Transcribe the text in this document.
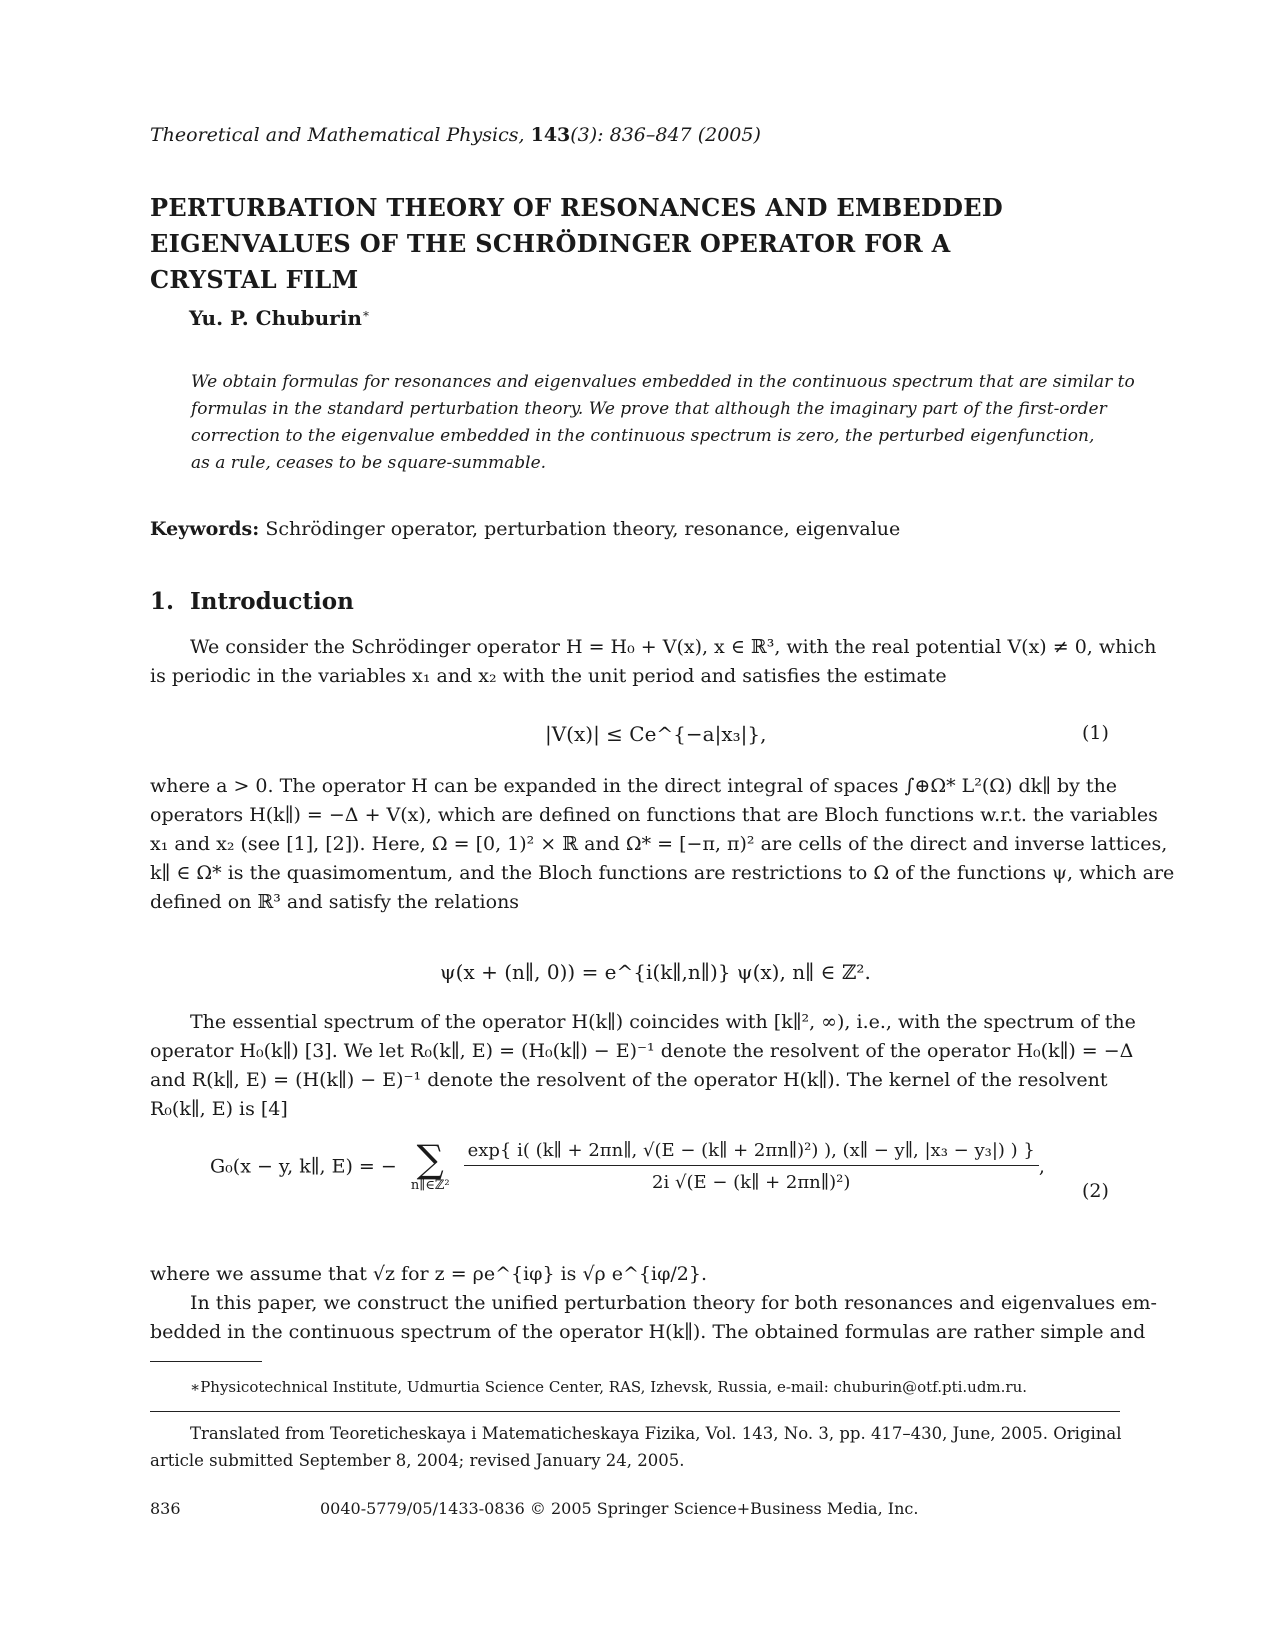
Theoretical and Mathematical Physics, 143(3): 836–847 (2005)
PERTURBATION THEORY OF RESONANCES AND EMBEDDED
EIGENVALUES OF THE SCHRÖDINGER OPERATOR FOR A
CRYSTAL FILM
Yu. P. Chuburin∗
We obtain formulas for resonances and eigenvalues embedded in the continuous spectrum that are similar to
formulas in the standard perturbation theory. We prove that although the imaginary part of the first-order
correction to the eigenvalue embedded in the continuous spectrum is zero, the perturbed eigenfunction,
as a rule, ceases to be square-summable.
Keywords: Schrödinger operator, perturbation theory, resonance, eigenvalue
1. Introduction
We consider the Schrödinger operator H = H₀ + V(x), x ∈ ℝ³, with the real potential V(x) ≠ 0, which
is periodic in the variables x₁ and x₂ with the unit period and satisfies the estimate
|V(x)| ≤ Ce^{−a|x₃|},	(1)
where a > 0. The operator H can be expanded in the direct integral of spaces ∫⊕Ω* L²(Ω) dk∥ by the
operators H(k∥) = −Δ + V(x), which are defined on functions that are Bloch functions w.r.t. the variables
x₁ and x₂ (see [1], [2]). Here, Ω = [0, 1)² × ℝ and Ω* = [−π, π)² are cells of the direct and inverse lattices,
k∥ ∈ Ω* is the quasimomentum, and the Bloch functions are restrictions to Ω of the functions ψ, which are
defined on ℝ³ and satisfy the relations
ψ(x + (n∥, 0)) = e^{i(k∥,n∥)} ψ(x), n∥ ∈ ℤ².
The essential spectrum of the operator H(k∥) coincides with [k∥², ∞), i.e., with the spectrum of the
operator H₀(k∥) [3]. We let R₀(k∥, E) = (H₀(k∥) − E)⁻¹ denote the resolvent of the operator H₀(k∥) = −Δ
and R(k∥, E) = (H(k∥) − E)⁻¹ denote the resolvent of the operator H(k∥). The kernel of the resolvent
R₀(k∥, E) is [4]
G₀(x − y, k∥, E) = − ∑
n∥∈ℤ²

exp{ i( (k∥ + 2πn∥, √(E − (k∥ + 2πn∥)²) ), (x∥ − y∥, |x₃ − y₃|) ) }
2i √(E − (k∥ + 2πn∥)²)
,
(2)
where we assume that √z for z = ρe^{iφ} is √ρ e^{iφ/2}.
In this paper, we construct the unified perturbation theory for both resonances and eigenvalues em-
bedded in the continuous spectrum of the operator H(k∥). The obtained formulas are rather simple and
∗Physicotechnical Institute, Udmurtia Science Center, RAS, Izhevsk, Russia, e-mail: chuburin@otf.pti.udm.ru.
Translated from Teoreticheskaya i Matematicheskaya Fizika, Vol. 143, No. 3, pp. 417–430, June, 2005. Original
article submitted September 8, 2004; revised January 24, 2005.
836	0040-5779/05/1433-0836 © 2005 Springer Science+Business Media, Inc.
